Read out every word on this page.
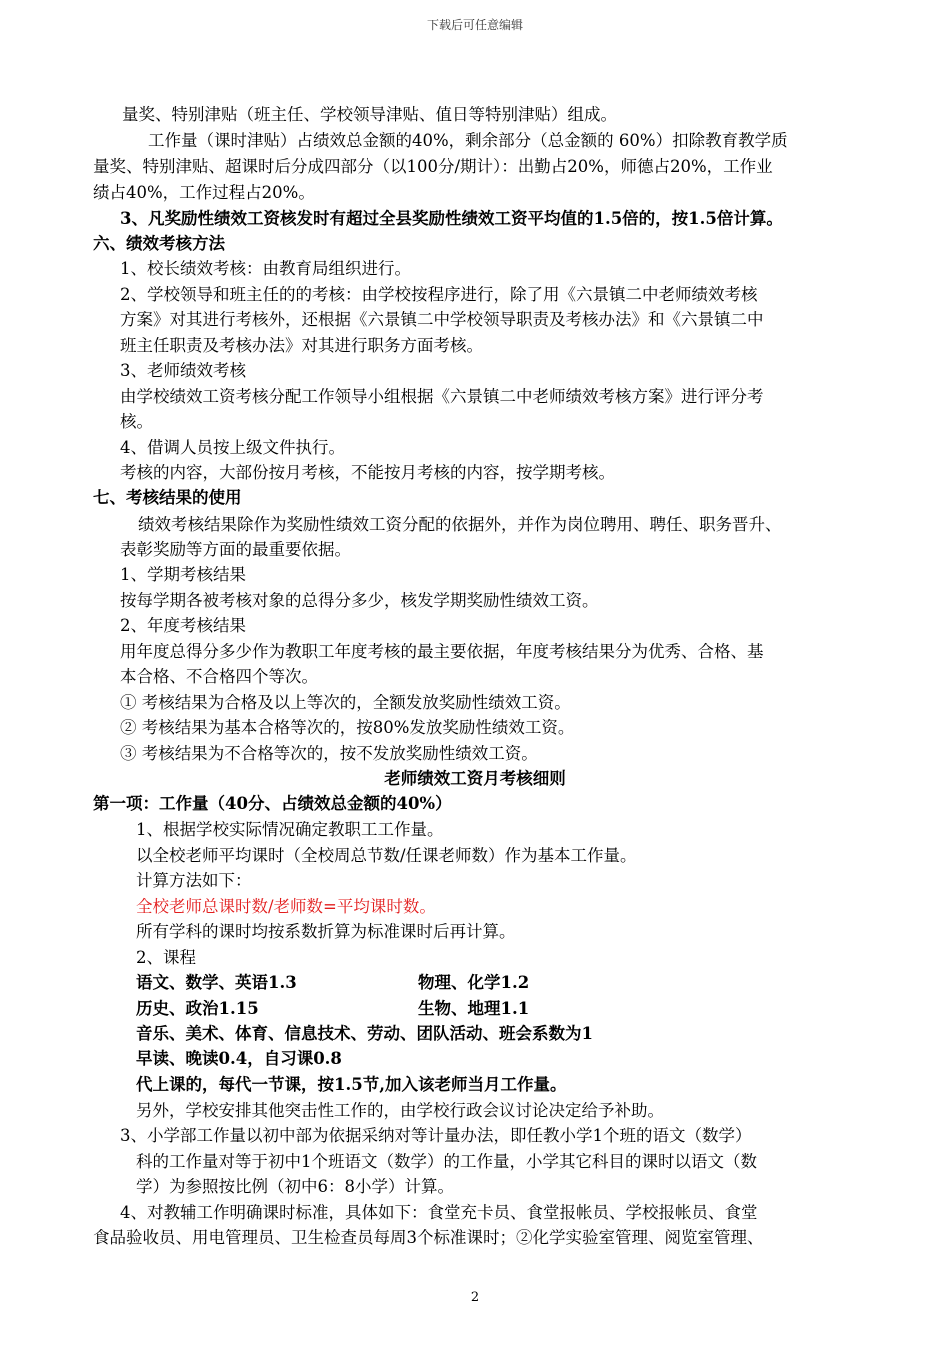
下载后可任意编辑
量奖、特别津贴（班主任、学校领导津贴、值日等特别津贴）组成。
工作量（课时津贴）占绩效总金额的40%，剩余部分（总金额的 60%）扣除教育教学质
量奖、特别津贴、超课时后分成四部分（以100分/期计）：出勤占20%，师德占20%，工作业
绩占40%，工作过程占20%。
3、凡奖励性绩效工资核发时有超过全县奖励性绩效工资平均值的1.5倍的，按1.5倍计算。
六、绩效考核方法
1、校长绩效考核：由教育局组织进行。
2、学校领导和班主任的的考核：由学校按程序进行，除了用《六景镇二中老师绩效考核
方案》对其进行考核外，还根据《六景镇二中学校领导职责及考核办法》和《六景镇二中
班主任职责及考核办法》对其进行职务方面考核。
3、老师绩效考核
由学校绩效工资考核分配工作领导小组根据《六景镇二中老师绩效考核方案》进行评分考
核。
4、借调人员按上级文件执行。
考核的内容，大部份按月考核，不能按月考核的内容，按学期考核。
七、考核结果的使用
绩效考核结果除作为奖励性绩效工资分配的依据外，并作为岗位聘用、聘任、职务晋升、
表彰奖励等方面的最重要依据。
1、学期考核结果
按每学期各被考核对象的总得分多少，核发学期奖励性绩效工资。
2、年度考核结果
用年度总得分多少作为教职工年度考核的最主要依据，年度考核结果分为优秀、合格、基
本合格、不合格四个等次。
① 考核结果为合格及以上等次的，全额发放奖励性绩效工资。
② 考核结果为基本合格等次的，按80%发放奖励性绩效工资。
③ 考核结果为不合格等次的，按不发放奖励性绩效工资。
老师绩效工资月考核细则
第一项：工作量（40分、占绩效总金额的40%）
1、根据学校实际情况确定教职工工作量。
以全校老师平均课时（全校周总节数/任课老师数）作为基本工作量。
计算方法如下：
全校老师总课时数/老师数=平均课时数。
所有学科的课时均按系数折算为标准课时后再计算。
2、课程
语文、数学、英语1.3	物理、化学1.2
历史、政治1.15	生物、地理1.1
音乐、美术、体育、信息技术、劳动、团队活动、班会系数为1
早读、晚读0.4，自习课0.8
代上课的，每代一节课，按1.5节,加入该老师当月工作量。
另外，学校安排其他突击性工作的，由学校行政会议讨论决定给予补助。
3、小学部工作量以初中部为依据采纳对等计量办法，即任教小学1个班的语文（数学）
科的工作量对等于初中1个班语文（数学）的工作量，小学其它科目的课时以语文（数
学）为参照按比例（初中6：8小学）计算。
4、对教辅工作明确课时标准，具体如下：食堂充卡员、食堂报帐员、学校报帐员、食堂
食品验收员、用电管理员、卫生检查员每周3个标准课时；②化学实验室管理、阅览室管理、
2
